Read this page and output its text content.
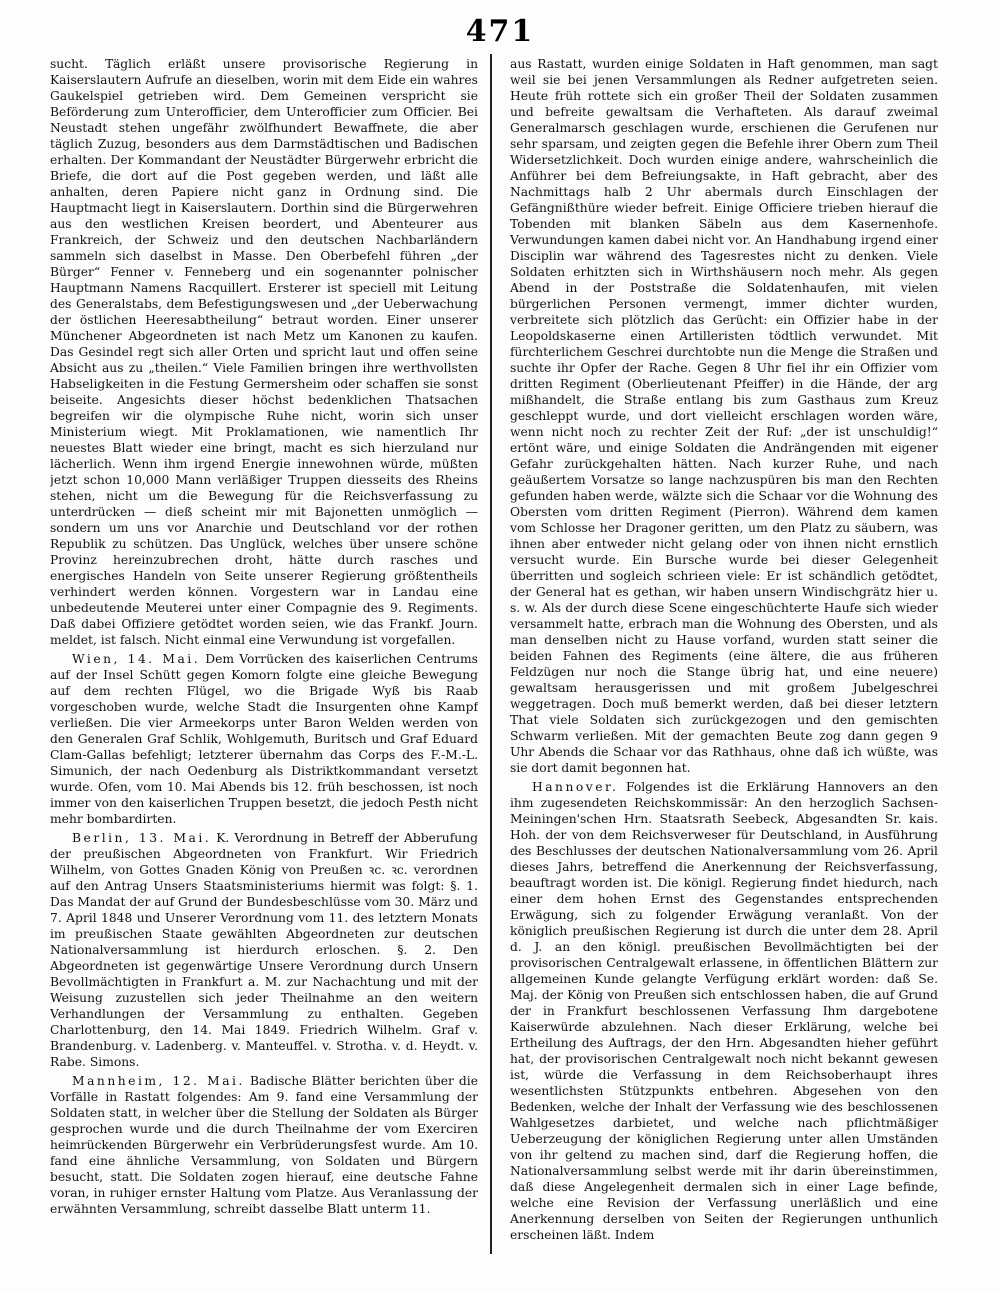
471

sucht. Täglich erläßt unsere provisorische Regierung in Kaiserslautern Aufrufe an dieselben, worin mit dem Eide ein wahres Gaukelspiel getrieben wird. Dem Gemeinen verspricht sie Beförderung zum Unterofficier, dem Unterofficier zum Officier. Bei Neustadt stehen ungefähr zwölfhundert Bewaffnete, die aber täglich Zuzug, besonders aus dem Darmstädtischen und Badischen erhalten. Der Kommandant der Neustädter Bürgerwehr erbricht die Briefe, die dort auf die Post gegeben werden, und läßt alle anhalten, deren Papiere nicht ganz in Ordnung sind. Die Hauptmacht liegt in Kaiserslautern. Dorthin sind die Bürgerwehren aus den westlichen Kreisen beordert, und Abenteurer aus Frankreich, der Schweiz und den deutschen Nachbarländern sammeln sich daselbst in Masse. Den Oberbefehl führen „der Bürger“ Fenner v. Fenneberg und ein sogenannter polnischer Hauptmann Namens Racquillert. Ersterer ist speciell mit Leitung des Generalstabs, dem Befestigungswesen und „der Ueberwachung der östlichen Heeresabtheilung“ betraut worden. Einer unserer Münchener Abgeordneten ist nach Metz um Kanonen zu kaufen. Das Gesindel regt sich aller Orten und spricht laut und offen seine Absicht aus zu „theilen.“ Viele Familien bringen ihre werthvollsten Habseligkeiten in die Festung Germersheim oder schaffen sie sonst beiseite. Angesichts dieser höchst bedenklichen Thatsachen begreifen wir die olympische Ruhe nicht, worin sich unser Ministerium wiegt. Mit Proklamationen, wie namentlich Ihr neuestes Blatt wieder eine bringt, macht es sich hierzuland nur lächerlich. Wenn ihm irgend Energie innewohnen würde, müßten jetzt schon 10,000 Mann verläßiger Truppen diesseits des Rheins stehen, nicht um die Bewegung für die Reichsverfassung zu unterdrücken — dieß scheint mir mit Bajonetten unmöglich — sondern um uns vor Anarchie und Deutschland vor der rothen Republik zu schützen. Das Unglück, welches über unsere schöne Provinz hereinzubrechen droht, hätte durch rasches und energisches Handeln von Seite unserer Regierung größtentheils verhindert werden können. Vorgestern war in Landau eine unbedeutende Meuterei unter einer Compagnie des 9. Regiments. Daß dabei Offiziere getödtet worden seien, wie das Frankf. Journ. meldet, ist falsch. Nicht einmal eine Verwundung ist vorgefallen.

Wien, 14. Mai. Dem Vorrücken des kaiserlichen Centrums auf der Insel Schütt gegen Komorn folgte eine gleiche Bewegung auf dem rechten Flügel, wo die Brigade Wyß bis Raab vorgeschoben wurde, welche Stadt die Insurgenten ohne Kampf verließen. Die vier Armeekorps unter Baron Welden werden von den Generalen Graf Schlik, Wohlgemuth, Buritsch und Graf Eduard Clam-Gallas befehligt; letzterer übernahm das Corps des F.-M.-L. Simunich, der nach Oedenburg als Distriktkommandant versetzt wurde. Ofen, vom 10. Mai Abends bis 12. früh beschossen, ist noch immer von den kaiserlichen Truppen besetzt, die jedoch Pesth nicht mehr bombardirten.

Berlin, 13. Mai. K. Verordnung in Betreff der Abberufung der preußischen Abgeordneten von Frankfurt. Wir Friedrich Wilhelm, von Gottes Gnaden König von Preußen ꝛc. ꝛc. verordnen auf den Antrag Unsers Staatsministeriums hiermit was folgt: §. 1. Das Mandat der auf Grund der Bundesbeschlüsse vom 30. März und 7. April 1848 und Unserer Verordnung vom 11. des letztern Monats im preußischen Staate gewählten Abgeordneten zur deutschen Nationalversammlung ist hierdurch erloschen. §. 2. Den Abgeordneten ist gegenwärtige Unsere Verordnung durch Unsern Bevollmächtigten in Frankfurt a. M. zur Nachachtung und mit der Weisung zuzustellen sich jeder Theilnahme an den weitern Verhandlungen der Versammlung zu enthalten. Gegeben Charlottenburg, den 14. Mai 1849. Friedrich Wilhelm. Graf v. Brandenburg. v. Ladenberg. v. Manteuffel. v. Strotha. v. d. Heydt. v. Rabe. Simons.

Mannheim, 12. Mai. Badische Blätter berichten über die Vorfälle in Rastatt folgendes: Am 9. fand eine Versammlung der Soldaten statt, in welcher über die Stellung der Soldaten als Bürger gesprochen wurde und die durch Theilnahme der vom Exerciren heimrückenden Bürgerwehr ein Verbrüderungsfest wurde. Am 10. fand eine ähnliche Versammlung, von Soldaten und Bürgern besucht, statt. Die Soldaten zogen hierauf, eine deutsche Fahne voran, in ruhiger ernster Haltung vom Platze. Aus Veranlassung der erwähnten Versammlung, schreibt dasselbe Blatt unterm 11.

aus Rastatt, wurden einige Soldaten in Haft genommen, man sagt weil sie bei jenen Versammlungen als Redner aufgetreten seien. Heute früh rottete sich ein großer Theil der Soldaten zusammen und befreite gewaltsam die Verhafteten. Als darauf zweimal Generalmarsch geschlagen wurde, erschienen die Gerufenen nur sehr sparsam, und zeigten gegen die Befehle ihrer Obern zum Theil Widersetzlichkeit. Doch wurden einige andere, wahrscheinlich die Anführer bei dem Befreiungsakte, in Haft gebracht, aber des Nachmittags halb 2 Uhr abermals durch Einschlagen der Gefängnißthüre wieder befreit. Einige Officiere trieben hierauf die Tobenden mit blanken Säbeln aus dem Kasernenhofe. Verwundungen kamen dabei nicht vor. An Handhabung irgend einer Disciplin war während des Tagesrestes nicht zu denken. Viele Soldaten erhitzten sich in Wirthshäusern noch mehr. Als gegen Abend in der Poststraße die Soldatenhaufen, mit vielen bürgerlichen Personen vermengt, immer dichter wurden, verbreitete sich plötzlich das Gerücht: ein Offizier habe in der Leopoldskaserne einen Artilleristen tödtlich verwundet. Mit fürchterlichem Geschrei durchtobte nun die Menge die Straßen und suchte ihr Opfer der Rache. Gegen 8 Uhr fiel ihr ein Offizier vom dritten Regiment (Oberlieutenant Pfeiffer) in die Hände, der arg mißhandelt, die Straße entlang bis zum Gasthaus zum Kreuz geschleppt wurde, und dort vielleicht erschlagen worden wäre, wenn nicht noch zu rechter Zeit der Ruf: „der ist unschuldig!“ ertönt wäre, und einige Soldaten die Andrängenden mit eigener Gefahr zurückgehalten hätten. Nach kurzer Ruhe, und nach geäußertem Vorsatze so lange nachzuspüren bis man den Rechten gefunden haben werde, wälzte sich die Schaar vor die Wohnung des Obersten vom dritten Regiment (Pierron). Während dem kamen vom Schlosse her Dragoner geritten, um den Platz zu säubern, was ihnen aber entweder nicht gelang oder von ihnen nicht ernstlich versucht wurde. Ein Bursche wurde bei dieser Gelegenheit überritten und sogleich schrieen viele: Er ist schändlich getödtet, der General hat es gethan, wir haben unsern Windischgrätz hier u. s. w. Als der durch diese Scene eingeschüchterte Haufe sich wieder versammelt hatte, erbrach man die Wohnung des Obersten, und als man denselben nicht zu Hause vorfand, wurden statt seiner die beiden Fahnen des Regiments (eine ältere, die aus früheren Feldzügen nur noch die Stange übrig hat, und eine neuere) gewaltsam herausgerissen und mit großem Jubelgeschrei weggetragen. Doch muß bemerkt werden, daß bei dieser letztern That viele Soldaten sich zurückgezogen und den gemischten Schwarm verließen. Mit der gemachten Beute zog dann gegen 9 Uhr Abends die Schaar vor das Rathhaus, ohne daß ich wüßte, was sie dort damit begonnen hat.

Hannover. Folgendes ist die Erklärung Hannovers an den ihm zugesendeten Reichskommissär: An den herzoglich Sachsen-Meiningen'schen Hrn. Staatsrath Seebeck, Abgesandten Sr. kais. Hoh. der von dem Reichsverweser für Deutschland, in Ausführung des Beschlusses der deutschen Nationalversammlung vom 26. April dieses Jahrs, betreffend die Anerkennung der Reichsverfassung, beauftragt worden ist. Die königl. Regierung findet hiedurch, nach einer dem hohen Ernst des Gegenstandes entsprechenden Erwägung, sich zu folgender Erwägung veranlaßt. Von der königlich preußischen Regierung ist durch die unter dem 28. April d. J. an den königl. preußischen Bevollmächtigten bei der provisorischen Centralgewalt erlassene, in öffentlichen Blättern zur allgemeinen Kunde gelangte Verfügung erklärt worden: daß Se. Maj. der König von Preußen sich entschlossen haben, die auf Grund der in Frankfurt beschlossenen Verfassung Ihm dargebotene Kaiserwürde abzulehnen. Nach dieser Erklärung, welche bei Ertheilung des Auftrags, der den Hrn. Abgesandten hieher geführt hat, der provisorischen Centralgewalt noch nicht bekannt gewesen ist, würde die Verfassung in dem Reichsoberhaupt ihres wesentlichsten Stützpunkts entbehren. Abgesehen von den Bedenken, welche der Inhalt der Verfassung wie des beschlossenen Wahlgesetzes darbietet, und welche nach pflichtmäßiger Ueberzeugung der königlichen Regierung unter allen Umständen von ihr geltend zu machen sind, darf die Regierung hoffen, die Nationalversammlung selbst werde mit ihr darin übereinstimmen, daß diese Angelegenheit dermalen sich in einer Lage befinde, welche eine Revision der Verfassung unerläßlich und eine Anerkennung derselben von Seiten der Regierungen unthunlich erscheinen läßt. Indem
